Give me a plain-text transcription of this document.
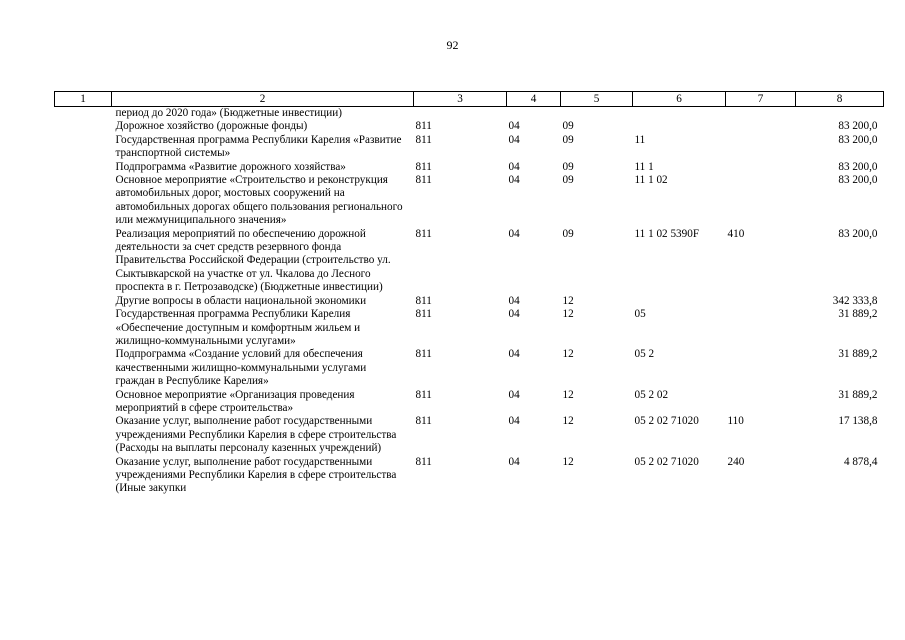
92
1	2	3	4	5	6	7	8
	период до 2020 года» (Бюджетные инвестиции)						
	Дорожное хозяйство (дорожные фонды)	811	04	09			83 200,0
	Государственная программа Республики Карелия «Развитие транспортной системы»	811	04	09	11		83 200,0
	Подпрограмма «Развитие дорожного хозяйства»	811	04	09	11 1		83 200,0
	Основное мероприятие «Строительство и реконструкция автомобильных дорог, мостовых сооружений на автомобильных дорогах общего пользования регионального или межмуниципального значения»	811	04	09	11 1 02		83 200,0
	Реализация мероприятий по обеспечению дорожной деятельности за счет средств резервного фонда Правительства Российской Федерации (строительство ул. Сыктывкарской на участке от ул. Чкалова до Лесного проспекта в г. Петрозаводске) (Бюджетные инвестиции)	811	04	09	11 1 02 5390F	410	83 200,0
	Другие вопросы в области национальной экономики	811	04	12			342 333,8
	Государственная программа Республики Карелия «Обеспечение доступным и комфортным жильем и жилищно-коммунальными услугами»	811	04	12	05		31 889,2
	Подпрограмма «Создание условий для обеспечения качественными жилищно-коммунальными услугами граждан в Республике Карелия»	811	04	12	05 2		31 889,2
	Основное мероприятие «Организация проведения мероприятий в сфере строительства»	811	04	12	05 2 02		31 889,2
	Оказание услуг, выполнение работ государственными учреждениями Республики Карелия в сфере строительства (Расходы на выплаты персоналу казенных учреждений)	811	04	12	05 2 02 71020	110	17 138,8
	Оказание услуг, выполнение работ государственными учреждениями Республики Карелия в сфере строительства (Иные закупки	811	04	12	05 2 02 71020	240	4 878,4
